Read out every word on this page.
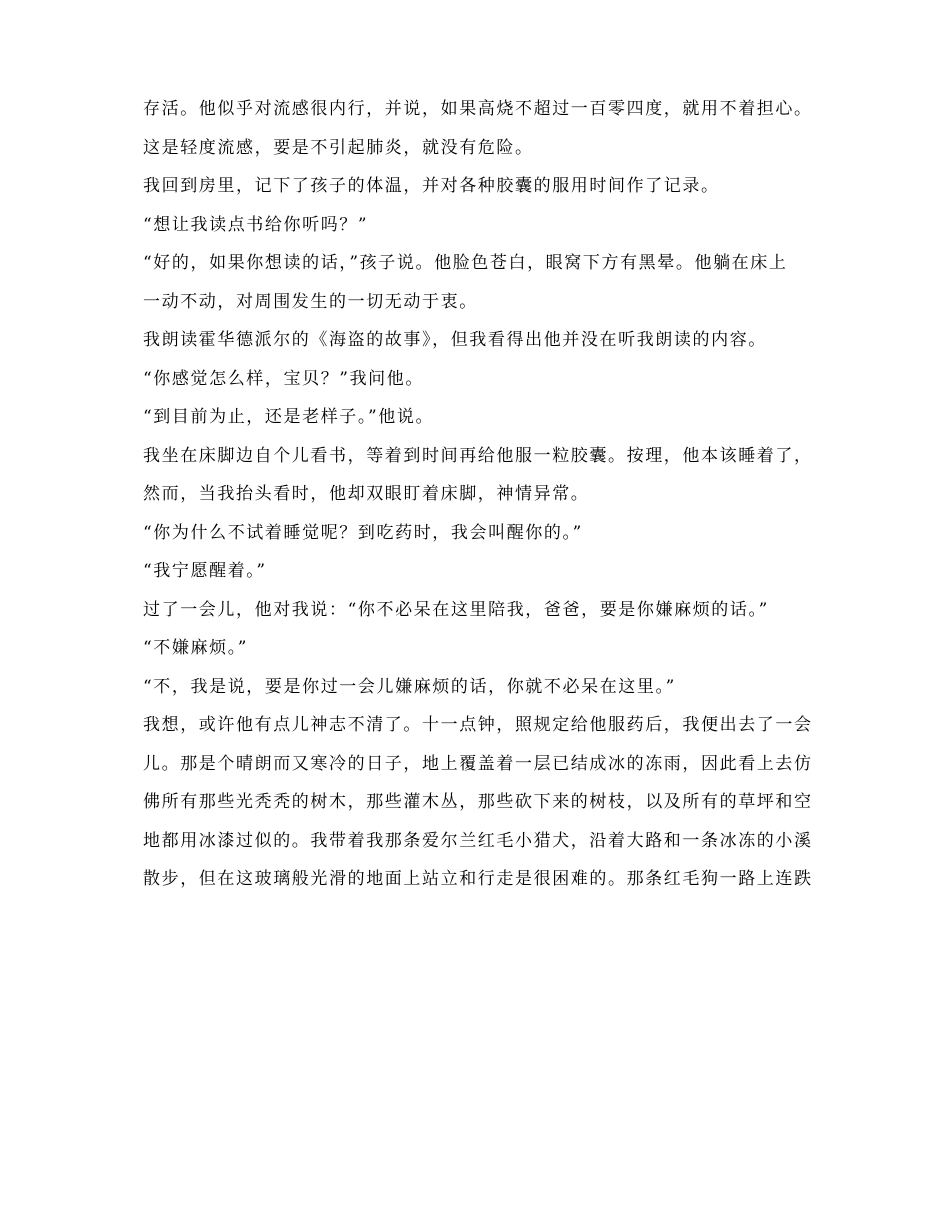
存活。他似乎对流感很内行，并说，如果高烧不超过一百零四度，就用不着担心。
这是轻度流感，要是不引起肺炎，就没有危险。
我回到房里，记下了孩子的体温，并对各种胶囊的服用时间作了记录。
“想让我读点书给你听吗？”
“好的，如果你想读的话，”孩子说。他脸色苍白，眼窝下方有黑晕。他躺在床上
一动不动，对周围发生的一切无动于衷。
我朗读霍华德派尔的《海盗的故事》，但我看得出他并没在听我朗读的内容。
“你感觉怎么样，宝贝？”我问他。
“到目前为止，还是老样子。”他说。
我坐在床脚边自个儿看书，等着到时间再给他服一粒胶囊。按理，他本该睡着了，
然而，当我抬头看时，他却双眼盯着床脚，神情异常。
“你为什么不试着睡觉呢？到吃药时，我会叫醒你的。”
“我宁愿醒着。”
过了一会儿，他对我说：“你不必呆在这里陪我，爸爸，要是你嫌麻烦的话。”
“不嫌麻烦。”
“不，我是说，要是你过一会儿嫌麻烦的话，你就不必呆在这里。”
我想，或许他有点儿神志不清了。十一点钟，照规定给他服药后，我便出去了一会
儿。那是个晴朗而又寒冷的日子，地上覆盖着一层已结成冰的冻雨，因此看上去仿
佛所有那些光秃秃的树木，那些灌木丛，那些砍下来的树枝，以及所有的草坪和空
地都用冰漆过似的。我带着我那条爱尔兰红毛小猎犬，沿着大路和一条冰冻的小溪
散步，但在这玻璃般光滑的地面上站立和行走是很困难的。那条红毛狗一路上连跌
